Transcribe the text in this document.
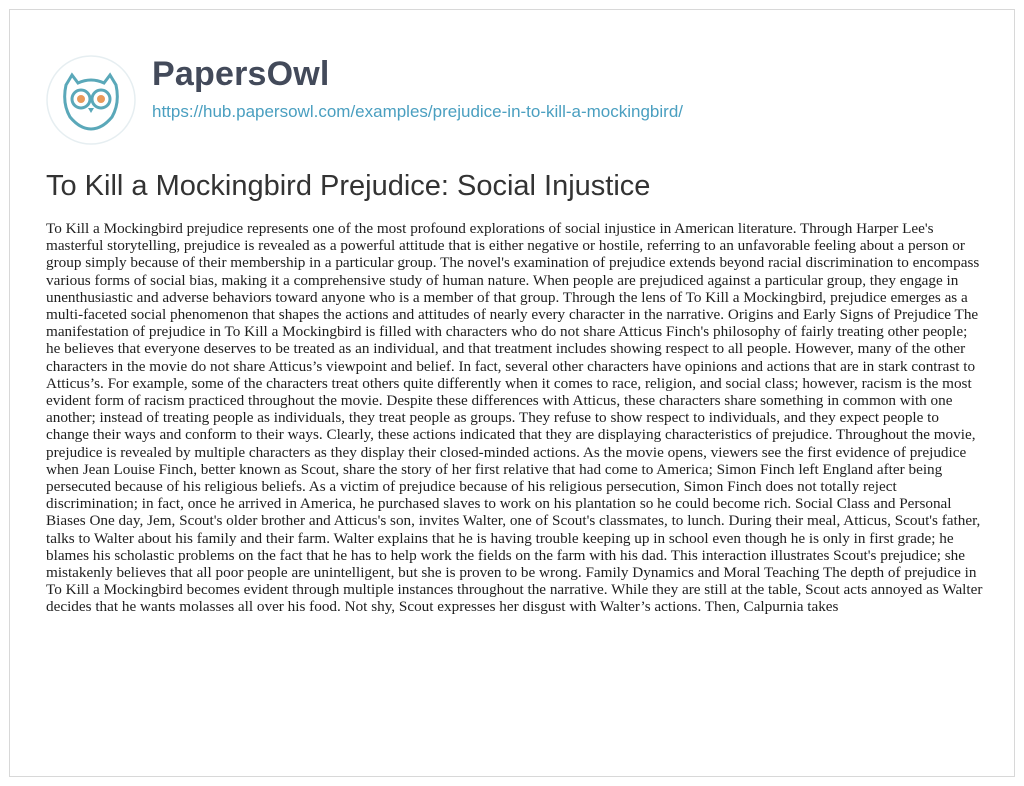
PapersOwl
https://hub.papersowl.com/examples/prejudice-in-to-kill-a-mockingbird/
To Kill a Mockingbird Prejudice: Social Injustice

To Kill a Mockingbird prejudice represents one of the most profound explorations of social injustice in American literature. Through Harper Lee's masterful storytelling, prejudice is revealed as a powerful attitude that is either negative or hostile, referring to an unfavorable feeling about a person or group simply because of their membership in a particular group. The novel's examination of prejudice extends beyond racial discrimination to encompass various forms of social bias, making it a comprehensive study of human nature. When people are prejudiced against a particular group, they engage in unenthusiastic and adverse behaviors toward anyone who is a member of that group. Through the lens of To Kill a Mockingbird, prejudice emerges as a multi-faceted social phenomenon that shapes the actions and attitudes of nearly every character in the narrative. Origins and Early Signs of Prejudice The manifestation of prejudice in To Kill a Mockingbird is filled with characters who do not share Atticus Finch's philosophy of fairly treating other people; he believes that everyone deserves to be treated as an individual, and that treatment includes showing respect to all people. However, many of the other characters in the movie do not share Atticus’s viewpoint and belief. In fact, several other characters have opinions and actions that are in stark contrast to Atticus’s. For example, some of the characters treat others quite differently when it comes to race, religion, and social class; however, racism is the most evident form of racism practiced throughout the movie. Despite these differences with Atticus, these characters share something in common with one another; instead of treating people as individuals, they treat people as groups. They refuse to show respect to individuals, and they expect people to change their ways and conform to their ways. Clearly, these actions indicated that they are displaying characteristics of prejudice. Throughout the movie, prejudice is revealed by multiple characters as they display their closed-minded actions. As the movie opens, viewers see the first evidence of prejudice when Jean Louise Finch, better known as Scout, share the story of her first relative that had come to America; Simon Finch left England after being persecuted because of his religious beliefs. As a victim of prejudice because of his religious persecution, Simon Finch does not totally reject discrimination; in fact, once he arrived in America, he purchased slaves to work on his plantation so he could become rich. Social Class and Personal Biases One day, Jem, Scout's older brother and Atticus's son, invites Walter, one of Scout's classmates, to lunch. During their meal, Atticus, Scout's father, talks to Walter about his family and their farm. Walter explains that he is having trouble keeping up in school even though he is only in first grade; he blames his scholastic problems on the fact that he has to help work the fields on the farm with his dad. This interaction illustrates Scout's prejudice; she mistakenly believes that all poor people are unintelligent, but she is proven to be wrong. Family Dynamics and Moral Teaching The depth of prejudice in To Kill a Mockingbird becomes evident through multiple instances throughout the narrative. While they are still at the table, Scout acts annoyed as Walter decides that he wants molasses all over his food. Not shy, Scout expresses her disgust with Walter’s actions. Then, Calpurnia takes
